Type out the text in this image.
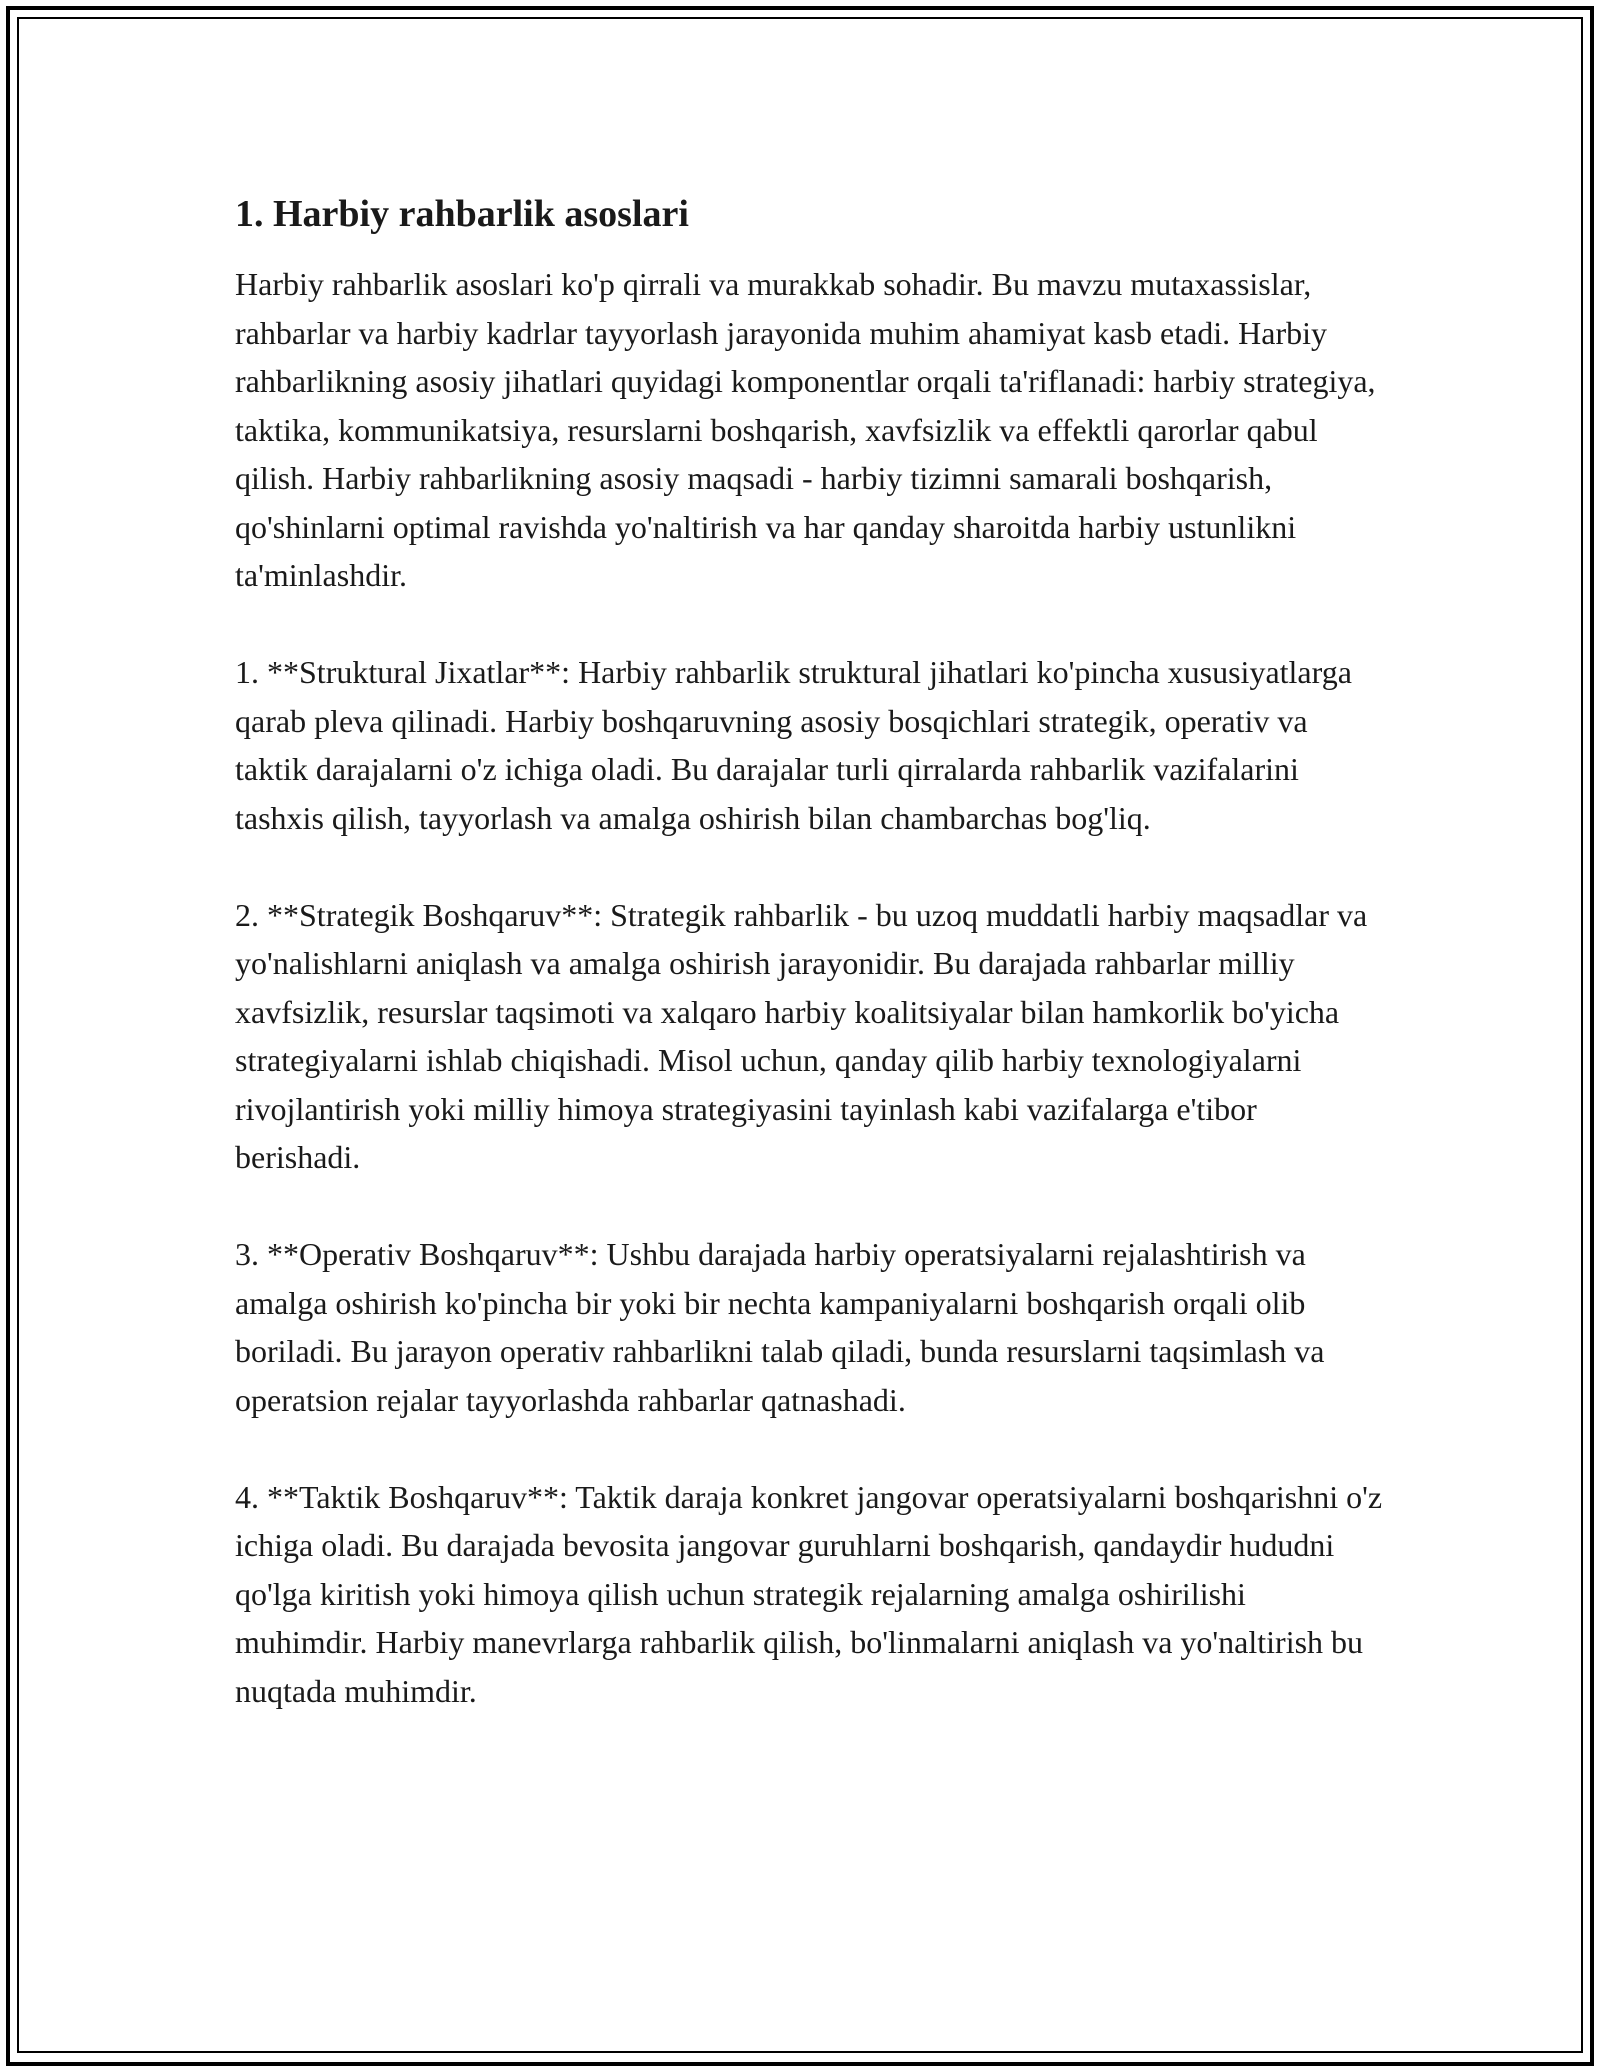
1. Harbiy rahbarlik asoslari

Harbiy rahbarlik asoslari ko'p qirrali va murakkab sohadir. Bu mavzu mutaxassislar, rahbarlar va harbiy kadrlar tayyorlash jarayonida muhim ahamiyat kasb etadi. Harbiy rahbarlikning asosiy jihatlari quyidagi komponentlar orqali ta'riflanadi: harbiy strategiya, taktika, kommunikatsiya, resurslarni boshqarish, xavfsizlik va effektli qarorlar qabul qilish. Harbiy rahbarlikning asosiy maqsadi - harbiy tizimni samarali boshqarish, qo'shinlarni optimal ravishda yo'naltirish va har qanday sharoitda harbiy ustunlikni ta'minlashdir.

1. **Struktural Jixatlar**: Harbiy rahbarlik struktural jihatlari ko'pincha xususiyatlarga qarab pleva qilinadi. Harbiy boshqaruvning asosiy bosqichlari strategik, operativ va taktik darajalarni o'z ichiga oladi. Bu darajalar turli qirralarda rahbarlik vazifalarini tashxis qilish, tayyorlash va amalga oshirish bilan chambarchas bog'liq.

2. **Strategik Boshqaruv**: Strategik rahbarlik - bu uzoq muddatli harbiy maqsadlar va yo'nalishlarni aniqlash va amalga oshirish jarayonidir. Bu darajada rahbarlar milliy xavfsizlik, resurslar taqsimoti va xalqaro harbiy koalitsiyalar bilan hamkorlik bo'yicha strategiyalarni ishlab chiqishadi. Misol uchun, qanday qilib harbiy texnologiyalarni rivojlantirish yoki milliy himoya strategiyasini tayinlash kabi vazifalarga e'tibor berishadi.

3. **Operativ Boshqaruv**: Ushbu darajada harbiy operatsiyalarni rejalashtirish va amalga oshirish ko'pincha bir yoki bir nechta kampaniyalarni boshqarish orqali olib boriladi. Bu jarayon operativ rahbarlikni talab qiladi, bunda resurslarni taqsimlash va operatsion rejalar tayyorlashda rahbarlar qatnashadi.

4. **Taktik Boshqaruv**: Taktik daraja konkret jangovar operatsiyalarni boshqarishni o'z ichiga oladi. Bu darajada bevosita jangovar guruhlarni boshqarish, qandaydir hududni qo'lga kiritish yoki himoya qilish uchun strategik rejalarning amalga oshirilishi muhimdir. Harbiy manevrlarga rahbarlik qilish, bo'linmalarni aniqlash va yo'naltirish bu nuqtada muhimdir.
